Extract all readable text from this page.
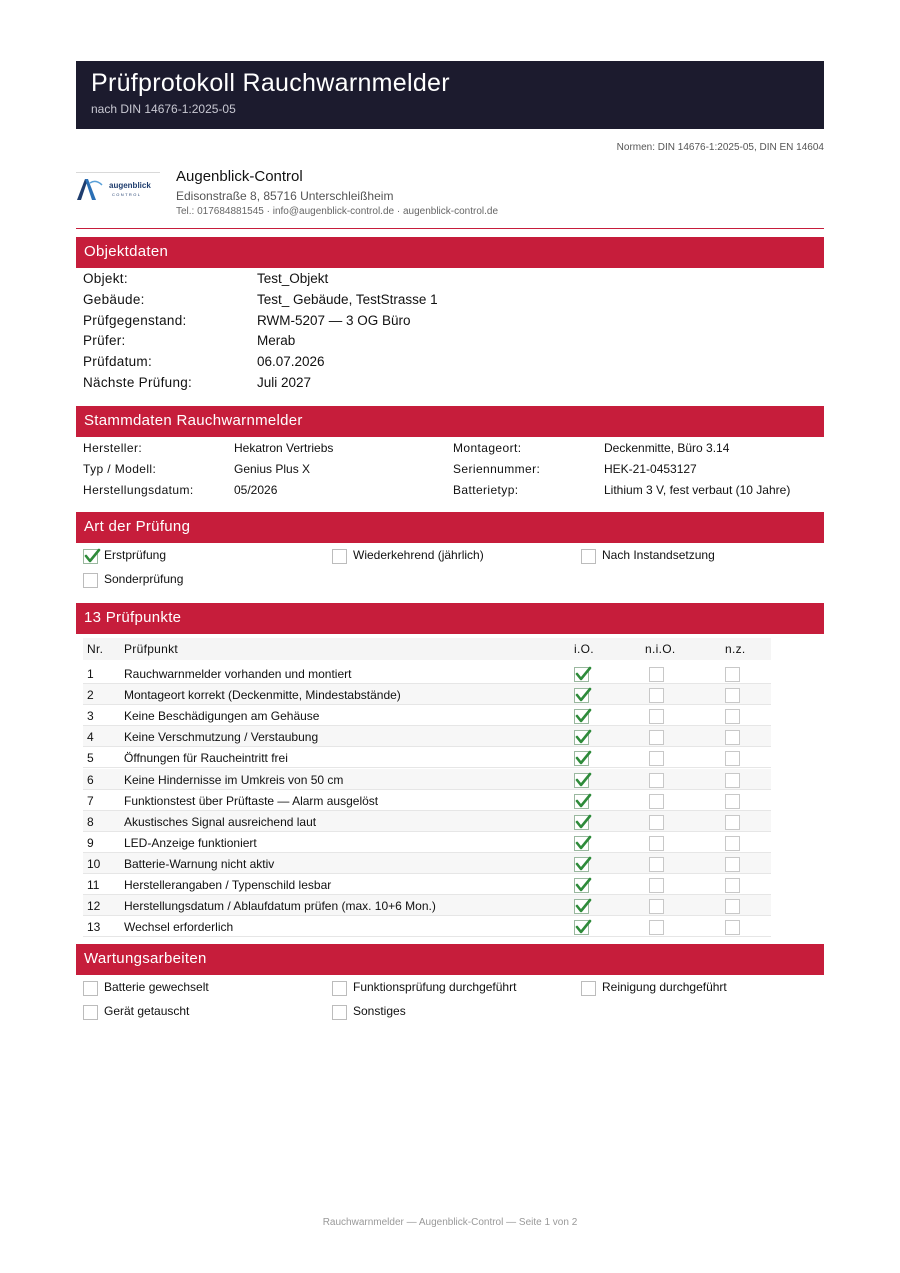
Prüfprotokoll Rauchwarnmelder
nach DIN 14676-1:2025-05
Normen: DIN 14676-1:2025-05, DIN EN 14604
augenblick
CONTROL
Augenblick-Control
Edisonstraße 8, 85716 Unterschleißheim
Tel.: 017684881545 · info@augenblick-control.de · augenblick-control.de
Objektdaten
Objekt:	Test_Objekt
Gebäude:	Test_ Gebäude, TestStrasse 1
Prüfgegenstand:	RWM-5207 — 3 OG Büro
Prüfer:	Merab
Prüfdatum:	06.07.2026
Nächste Prüfung:	Juli 2027
Stammdaten Rauchwarnmelder
Hersteller:	Hekatron Vertriebs	Montageort:	Deckenmitte, Büro 3.14
Typ / Modell:	Genius Plus X	Seriennummer:	HEK-21-0453127
Herstellungsdatum:	05/2026	Batterietyp:	Lithium 3 V, fest verbaut (10 Jahre)
Art der Prüfung
Erstprüfung	Wiederkehrend (jährlich)	Nach Instandsetzung
Sonderprüfung
13 Prüfpunkte
Nr. Prüfpunkt	i.O.	n.i.O.	n.z.
1	Rauchwarnmelder vorhanden und montiert
2	Montageort korrekt (Deckenmitte, Mindestabstände)
3	Keine Beschädigungen am Gehäuse
4	Keine Verschmutzung / Verstaubung
5	Öffnungen für Raucheintritt frei
6	Keine Hindernisse im Umkreis von 50 cm
7	Funktionstest über Prüftaste — Alarm ausgelöst
8	Akustisches Signal ausreichend laut
9	LED-Anzeige funktioniert
10 Batterie-Warnung nicht aktiv
11 Herstellerangaben / Typenschild lesbar
12 Herstellungsdatum / Ablaufdatum prüfen (max. 10+6 Mon.)
13 Wechsel erforderlich
Wartungsarbeiten
Batterie gewechselt	Funktionsprüfung durchgeführt	Reinigung durchgeführt
Gerät getauscht	Sonstiges
Rauchwarnmelder — Augenblick-Control — Seite 1 von 2
